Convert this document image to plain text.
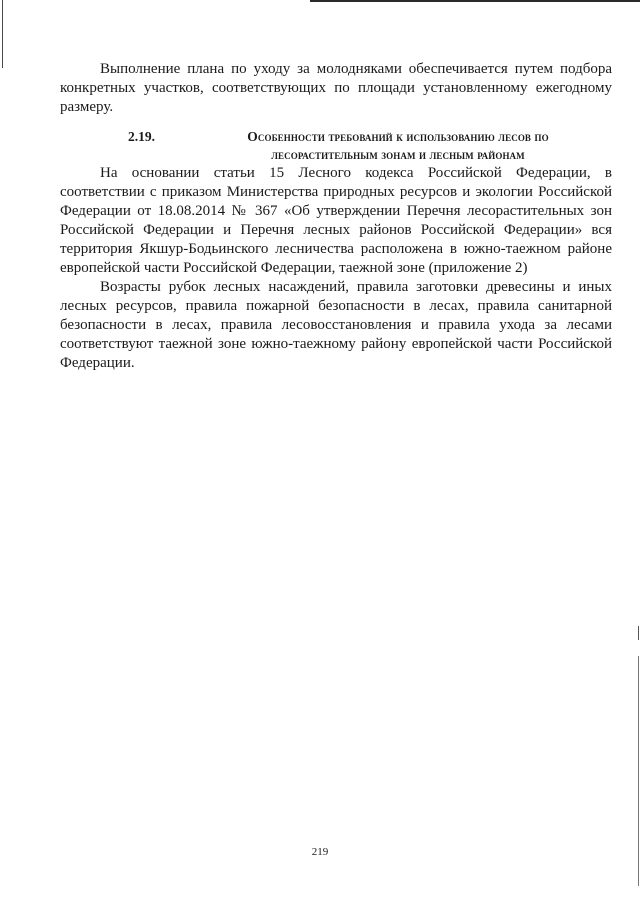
Выполнение плана по уходу за молодняками обеспечивается путем подбора конкретных участков, соответствующих по площади установленному ежегодному размеру.

2.19.	Особенности требований к использованию лесов по лесорастительным зонам и лесным районам

На основании статьи 15 Лесного кодекса Российской Федерации, в соответствии с приказом Министерства природных ресурсов и экологии Российской Федерации от 18.08.2014 № 367 «Об утверждении Перечня лесорастительных зон Российской Федерации и Перечня лесных районов Российской Федерации» вся территория Якшур-Бодьинского лесничества расположена в южно-таежном районе европейской части Российской Федерации, таежной зоне (приложение 2)

Возрасты рубок лесных насаждений, правила заготовки древесины и иных лесных ресурсов, правила пожарной безопасности в лесах, правила санитарной безопасности в лесах, правила лесовосстановления и правила ухода за лесами соответствуют таежной зоне южно-таежному району европейской части Российской Федерации.

219
